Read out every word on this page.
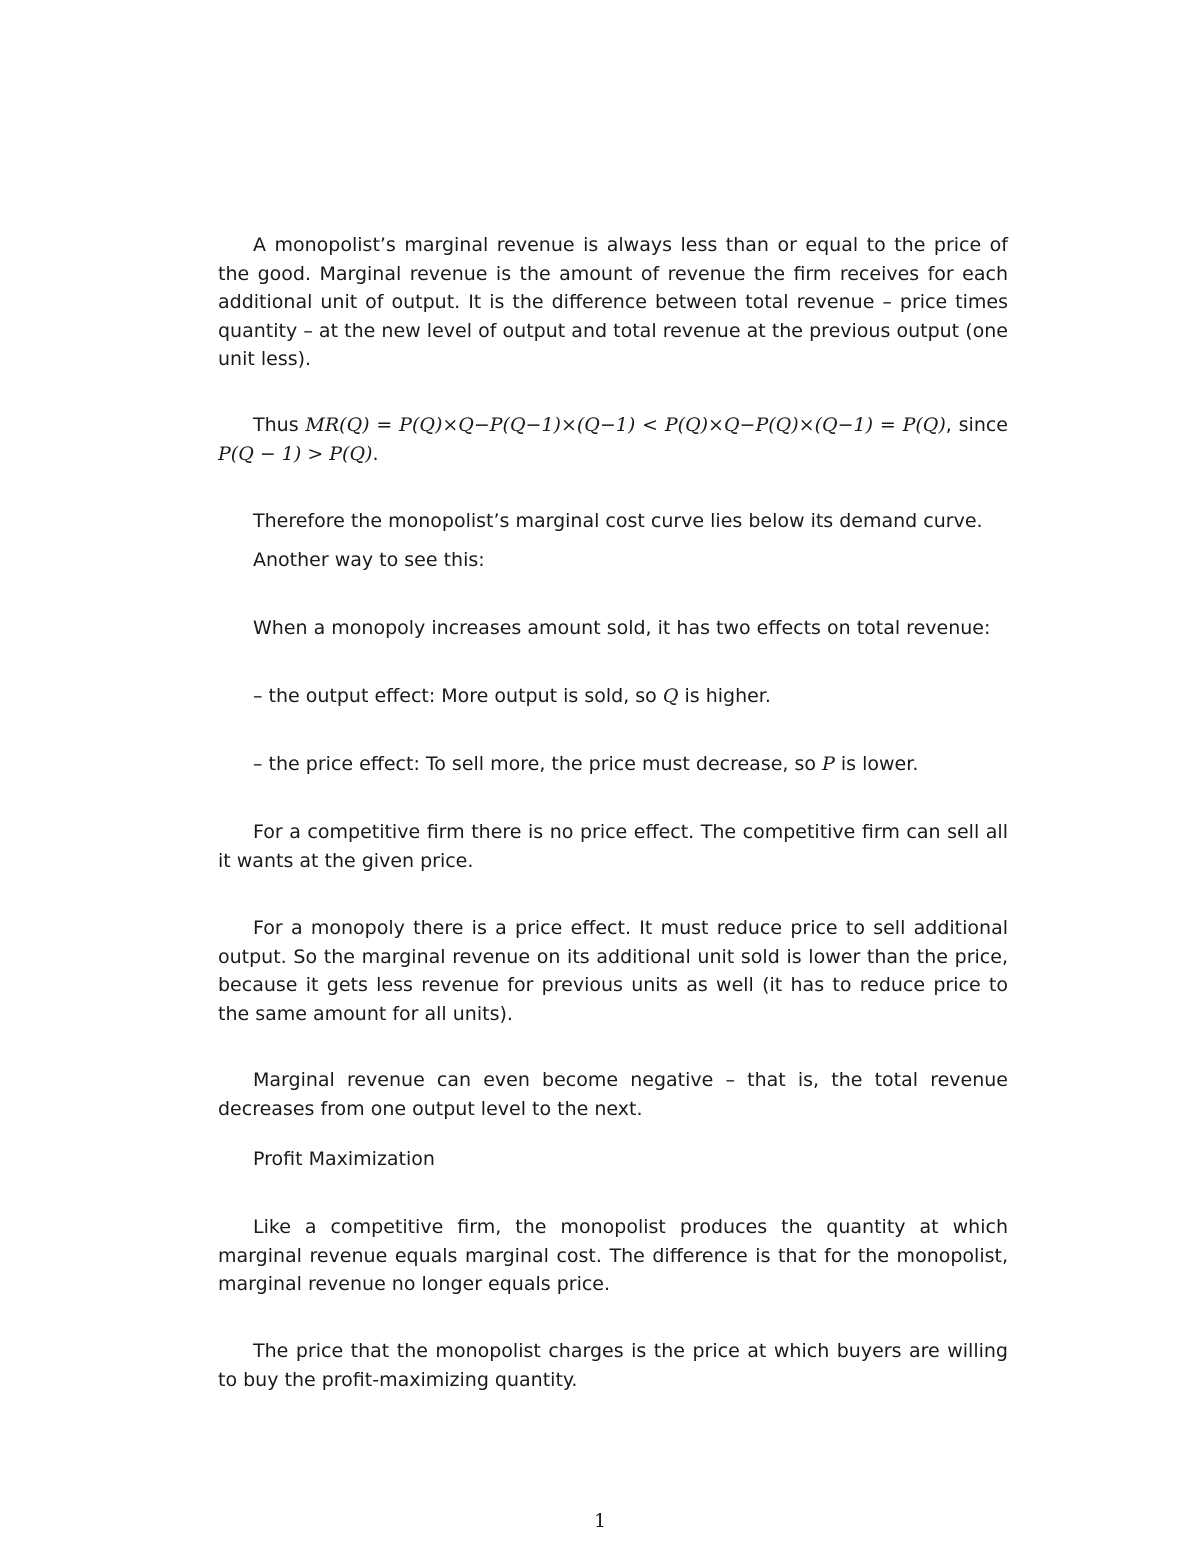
A monopolist’s marginal revenue is always less than or equal to the price of the good. Marginal revenue is the amount of revenue the firm receives for each additional unit of output. It is the difference between total revenue – price times quantity – at the new level of output and total revenue at the previous output (one unit less).

Thus MR(Q) = P(Q)×Q−P(Q−1)×(Q−1) < P(Q)×Q−P(Q)×(Q−1) = P(Q), since P(Q − 1) > P(Q).

Therefore the monopolist’s marginal cost curve lies below its demand curve.

Another way to see this:

When a monopoly increases amount sold, it has two effects on total revenue:

– the output effect: More output is sold, so Q is higher.

– the price effect: To sell more, the price must decrease, so P is lower.

For a competitive firm there is no price effect. The competitive firm can sell all it wants at the given price.

For a monopoly there is a price effect. It must reduce price to sell additional output. So the marginal revenue on its additional unit sold is lower than the price, because it gets less revenue for previous units as well (it has to reduce price to the same amount for all units).

Marginal revenue can even become negative – that is, the total revenue decreases from one output level to the next.

Profit Maximization

Like a competitive firm, the monopolist produces the quantity at which marginal revenue equals marginal cost. The difference is that for the monopolist, marginal revenue no longer equals price.

The price that the monopolist charges is the price at which buyers are willing to buy the profit-maximizing quantity.

1
